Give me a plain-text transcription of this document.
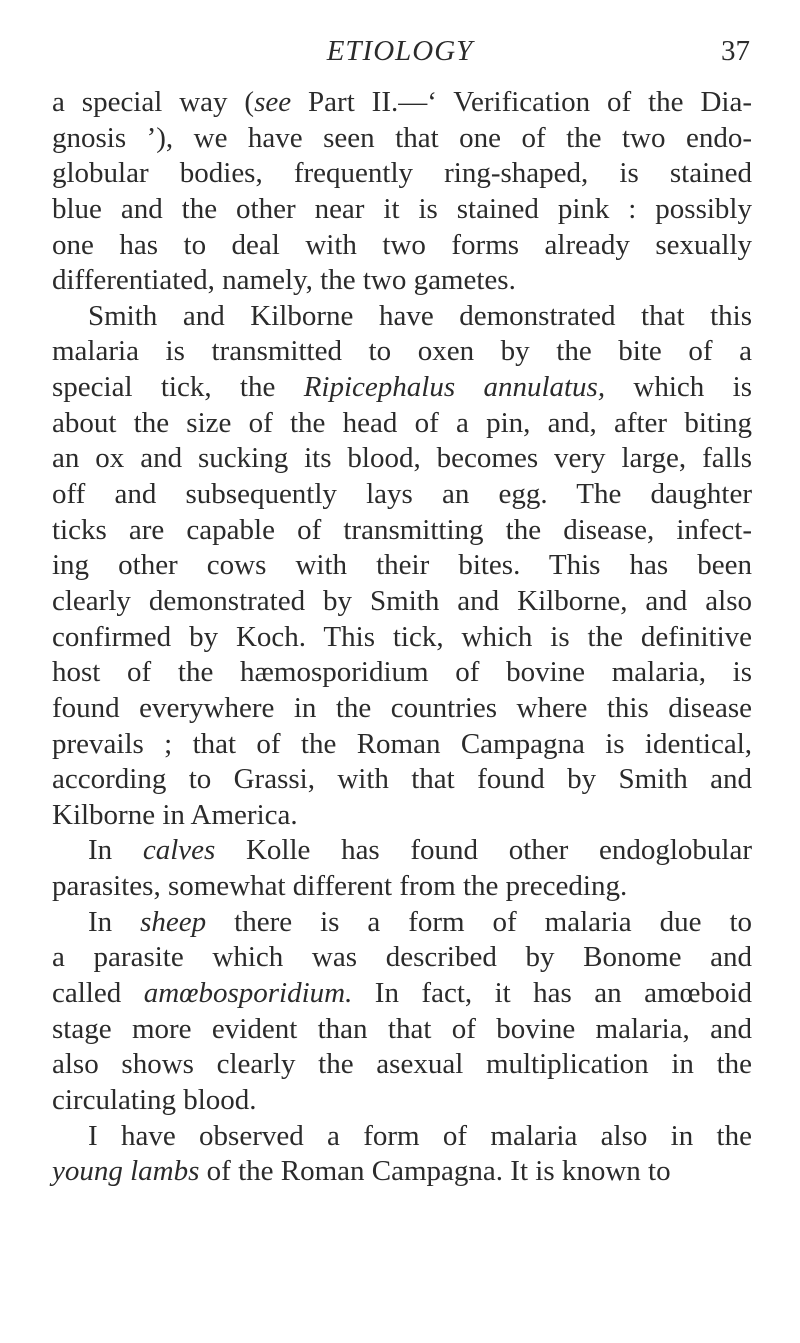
ETIOLOGY	37
a special way (see Part II.—‘ Verification of the Dia-
gnosis ’), we have seen that one of the two endo-
globular bodies, frequently ring-shaped, is stained
blue and the other near it is stained pink : possibly
one has to deal with two forms already sexually
differentiated, namely, the two gametes.
Smith and Kilborne have demonstrated that this
malaria is transmitted to oxen by the bite of a
special tick, the Ripicephalus annulatus, which is
about the size of the head of a pin, and, after biting
an ox and sucking its blood, becomes very large, falls
off and subsequently lays an egg. The daughter
ticks are capable of transmitting the disease, infect-
ing other cows with their bites. This has been
clearly demonstrated by Smith and Kilborne, and also
confirmed by Koch. This tick, which is the definitive
host of the hæmosporidium of bovine malaria, is
found everywhere in the countries where this disease
prevails ; that of the Roman Campagna is identical,
according to Grassi, with that found by Smith and
Kilborne in America.
In calves Kolle has found other endoglobular
parasites, somewhat different from the preceding.
In sheep there is a form of malaria due to
a parasite which was described by Bonome and
called amœbosporidium. In fact, it has an amœboid
stage more evident than that of bovine malaria, and
also shows clearly the asexual multiplication in the
circulating blood.
I have observed a form of malaria also in the
young lambs of the Roman Campagna. It is known to
